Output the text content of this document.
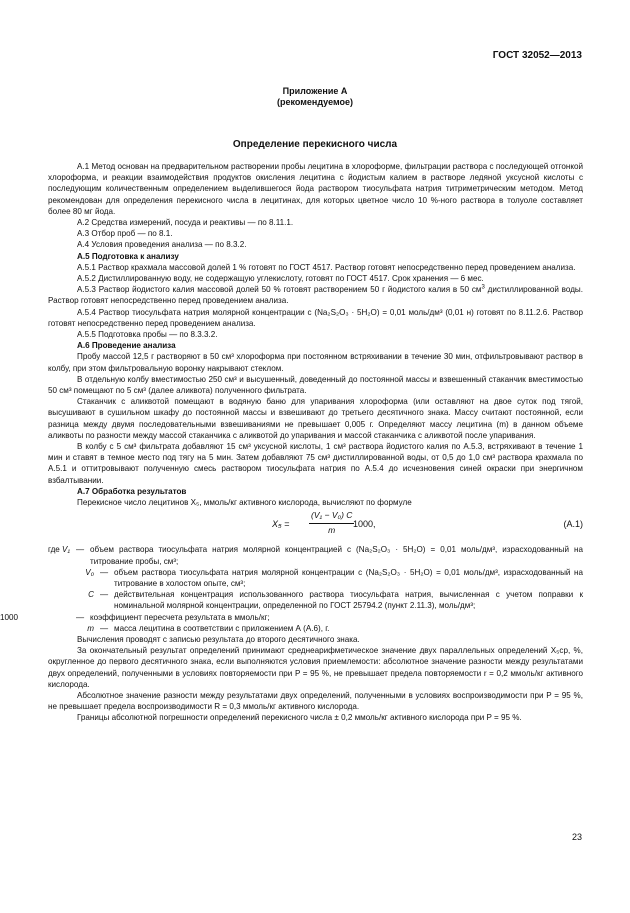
ГОСТ 32052—2013
Приложение А
(рекомендуемое)
Определение перекисного числа

А.1 Метод основан на предварительном растворении пробы лецитина в хлороформе, фильтрации раствора с последующей отгонкой хлороформа, и реакции взаимодействия продуктов окисления лецитина с йодистым калием в растворе ледяной уксусной кислоты с последующим количественным определением выделившегося йода раствором тиосульфата натрия титриметрическим методом. Метод рекомендован для определения перекисного числа в лецитинах, для которых цветное число 10 %-ного раствора в толуоле составляет более 80 мг йода.

А.2 Средства измерений, посуда и реактивы — по 8.11.1.

А.3 Отбор проб — по 8.1.

А.4 Условия проведения анализа — по 8.3.2.

А.5 Подготовка к анализу

А.5.1 Раствор крахмала массовой долей 1 % готовят по ГОСТ 4517. Раствор готовят непосредственно перед проведением анализа.

А.5.2 Дистиллированную воду, не содержащую углекислоту, готовят по ГОСТ 4517. Срок хранения — 6 мес.

А.5.3 Раствор йодистого калия массовой долей 50 % готовят растворением 50 г йодистого калия в 50 $см^3$ дистиллированной воды. Раствор готовят непосредственно перед проведением анализа.

А.5.4 Раствор тиосульфата натрия молярной концентрации c (Na₂S₂O₃ · 5H₂O) = 0,01 моль/дм³ (0,01 н) готовят по 8.11.2.6. Раствор готовят непосредственно перед проведением анализа.

А.5.5 Подготовка пробы — по 8.3.3.2.

А.6 Проведение анализа

Пробу массой 12,5 г растворяют в 50 см³ хлороформа при постоянном встряхивании в течение 30 мин, отфильтровывают раствор в колбу, при этом фильтровальную воронку накрывают стеклом.

В отдельную колбу вместимостью 250 см³ и высушенный, доведенный до постоянной массы и взвешенный стаканчик вместимостью 50 см³ помещают по 5 см³ (далее аликвота) полученного фильтрата.

Стаканчик с аликвотой помещают в водяную баню для упаривания хлороформа (или оставляют на двое суток под тягой, высушивают в сушильном шкафу до постоянной массы и взвешивают до третьего десятичного знака. Массу считают постоянной, если разница между двумя последовательными взвешиваниями не превышает 0,005 г. Определяют массу лецитина (m) в данном объеме аликвоты по разности между массой стаканчика с аликвотой до упаривания и массой стаканчика с аликвотой после упаривания.

В колбу с 5 см³ фильтрата добавляют 15 см³ уксусной кислоты, 1 см³ раствора йодистого калия по А.5.3, встряхивают в течение 1 мин и ставят в темное место под тягу на 5 мин. Затем добавляют 75 см³ дистиллированной воды, от 0,5 до 1,0 см³ раствора крахмала по А.5.1 и оттитровывают полученную смесь раствором тиосульфата натрия по А.5.4 до исчезновения синей окраски при энергичном взбалтывании.

А.7 Обработка результатов

Перекисное число лецитинов X₅, ммоль/кг активного кислорода, вычисляют по формуле

$X_5 = \frac{\text{(V₁ − V₀) C}}{m}$
1000,	(А.1)
где V₁ — объем раствора тиосульфата натрия молярной концентрацией c (Na₂S₂O₃ · 5H₂O) = 0,01 моль/дм³, израсходованный на титрование пробы, см³;
V₀ — объем раствора тиосульфата натрия молярной концентрации c (Na₂S₂O₃ · 5H₂O) = 0,01 моль/дм³, израсходованный на титрование в холостом опыте, см³;
C — действительная концентрация использованного раствора тиосульфата натрия, вычисленная с учетом поправки к номинальной молярной концентрации, определенной по ГОСТ 25794.2 (пункт 2.11.3), моль/дм³;
1000	— коэффициент пересчета результата в ммоль/кг;
m — масса лецитина в соответствии с приложением А (А.6), г.

Вычисления проводят с записью результата до второго десятичного знака.

За окончательный результат определений принимают среднеарифметическое значение двух параллельных определений X₅ср, %, округленное до первого десятичного знака, если выполняются условия приемлемости: абсолютное значение разности между результатами двух определений, полученными в условиях повторяемости при P = 95 %, не превышает предела повторяемости r = 0,2 ммоль/кг активного кислорода.

Абсолютное значение разности между результатами двух определений, полученными в условиях воспроизводимости при P = 95 %, не превышает предела воспроизводимости R = 0,3 ммоль/кг активного кислорода.

Границы абсолютной погрешности определений перекисного числа ± 0,2 ммоль/кг активного кислорода при P = 95 %.

23
